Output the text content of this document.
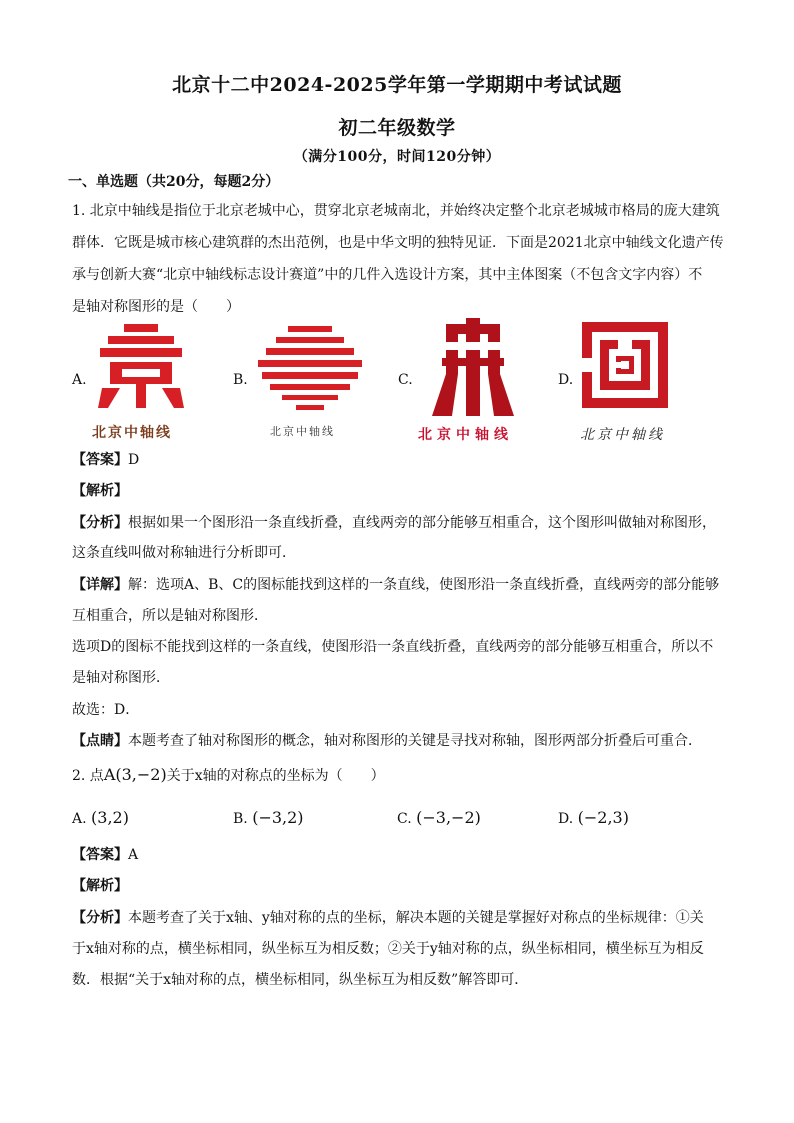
北京十二中2024-2025学年第一学期期中考试试题
初二年级数学
（满分100分，时间120分钟）
一、单选题（共20分，每题2分）
1. 北京中轴线是指位于北京老城中心，贯穿北京老城南北，并始终决定整个北京老城城市格局的庞大建筑
群体．它既是城市核心建筑群的杰出范例，也是中华文明的独特见证．下面是2021北京中轴线文化遗产传
承与创新大赛“北京中轴线标志设计赛道”中的几件入选设计方案，其中主体图案（不包含文字内容）不
是轴对称图形的是（　　）
A.
北京中轴线
B.
北京中轴线
C.
北京中轴线
D.
北京中轴线
【答案】D
【解析】
【分析】根据如果一个图形沿一条直线折叠，直线两旁的部分能够互相重合，这个图形叫做轴对称图形，
这条直线叫做对称轴进行分析即可．
【详解】解：选项A、B、C的图标能找到这样的一条直线，使图形沿一条直线折叠，直线两旁的部分能够
互相重合，所以是轴对称图形．
选项D的图标不能找到这样的一条直线，使图形沿一条直线折叠，直线两旁的部分能够互相重合，所以不
是轴对称图形．
故选：D．
【点睛】本题考查了轴对称图形的概念，轴对称图形的关键是寻找对称轴，图形两部分折叠后可重合．
2. 点A(3,−2)关于x轴的对称点的坐标为（　　）
A. (3,2)	B. (−3,2)	C. (−3,−2)	D. (−2,3)
【答案】A
【解析】
【分析】本题考查了关于x轴、y轴对称的点的坐标，解决本题的关键是掌握好对称点的坐标规律：①关
于x轴对称的点，横坐标相同，纵坐标互为相反数；②关于y轴对称的点，纵坐标相同，横坐标互为相反
数．根据“关于x轴对称的点，横坐标相同，纵坐标互为相反数”解答即可．
